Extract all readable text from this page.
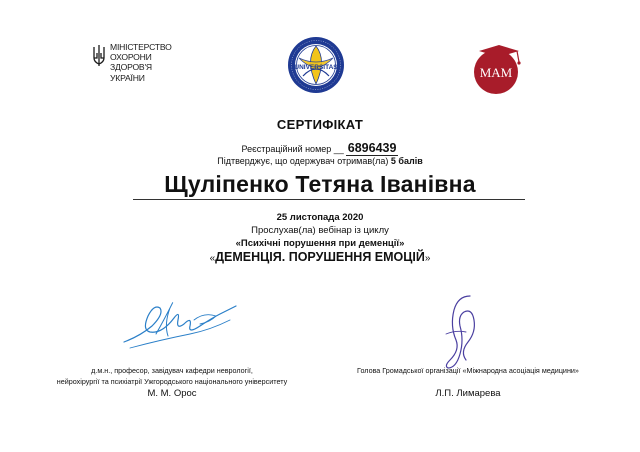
МІНІСТЕРСТВО
ОХОРОНИ
ЗДОРОВ'Я
УКРАЇНИ
UNIVERSITAS	MAM
СЕРТИФІКАТ
Реєстраційний номер __ 6896439
Підтверджує, що одержувач отримав(ла) 5 балів
Щуліпенко Тетяна Іванівна
25 листопада 2020
Прослухав(ла) вебінар із циклу
«Психічні порушення при деменції»
«ДЕМЕНЦІЯ. ПОРУШЕННЯ ЕМОЦІЙ»
д.м.н., професор, завідувач кафедри неврології,
нейрохірургії та психіатрії Ужгородського національного університету
М. М. Орос
Голова Громадської організації «Міжнародна асоціація медицини»
Л.П. Лимарева
